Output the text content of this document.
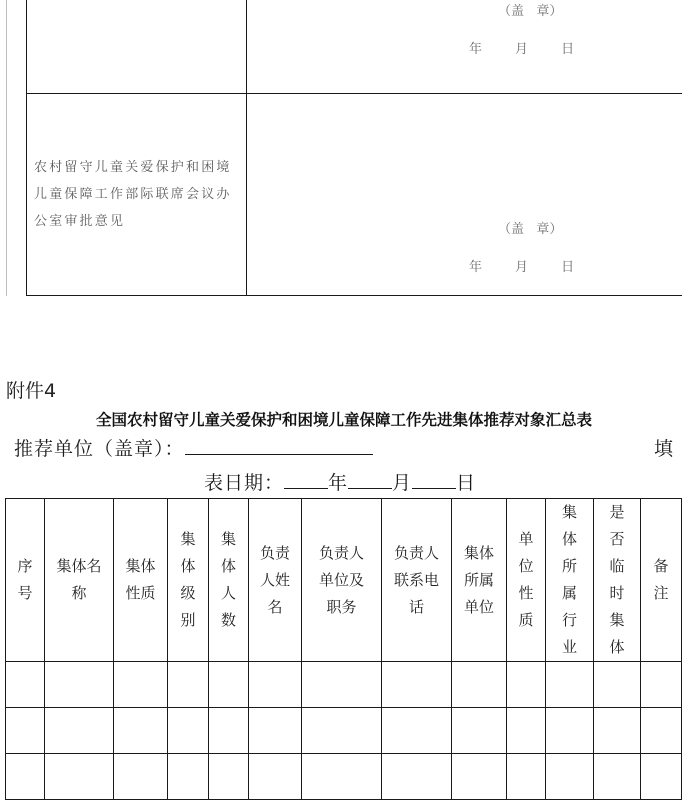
（盖   章）
年        月        日
农村留守儿童关爱保护和困境儿童保障工作部际联席会议办公室审批意见
（盖   章）
年        月        日
附件4
全国农村留守儿童关爱保护和困境儿童保障工作先进集体推荐对象汇总表
推荐单位（盖章）：	填
表日期： 年 月 日
序号	集体名称	集体性质	集体级别	集体人数	负责人姓名	负责人单位及职务	负责人联系电话	集体所属单位	单位性质	集体所属行业	是否临时集体	备注
